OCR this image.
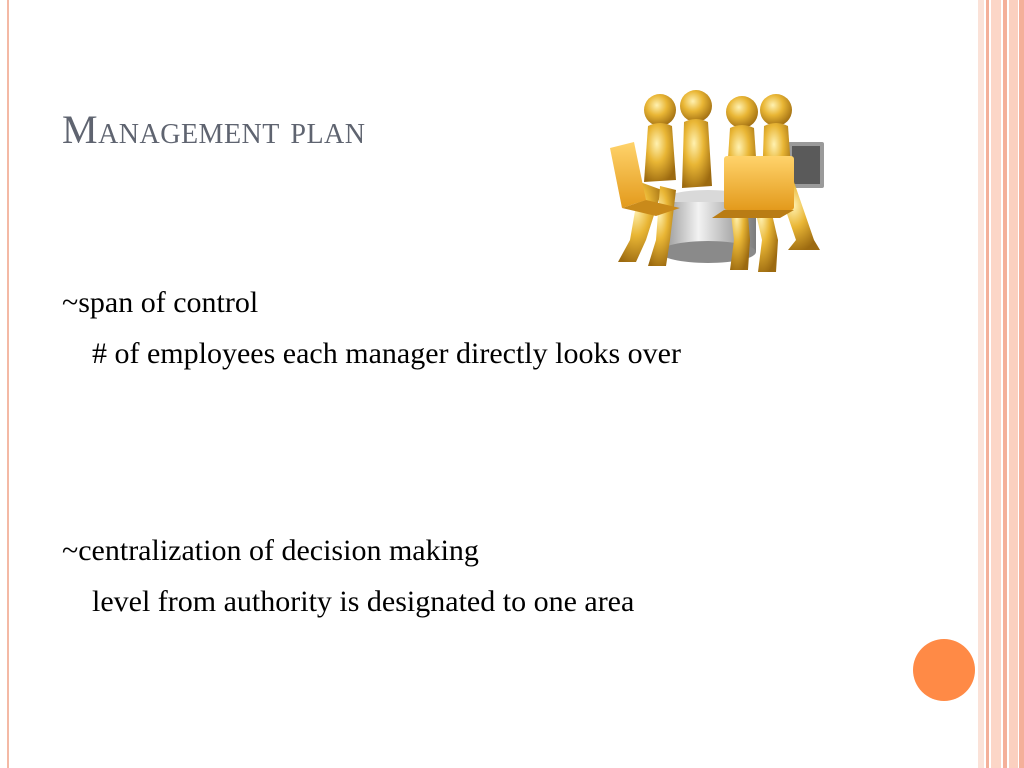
Management plan
~span of control
# of employees each manager directly looks over
~centralization of decision making
level from authority is designated to one area
